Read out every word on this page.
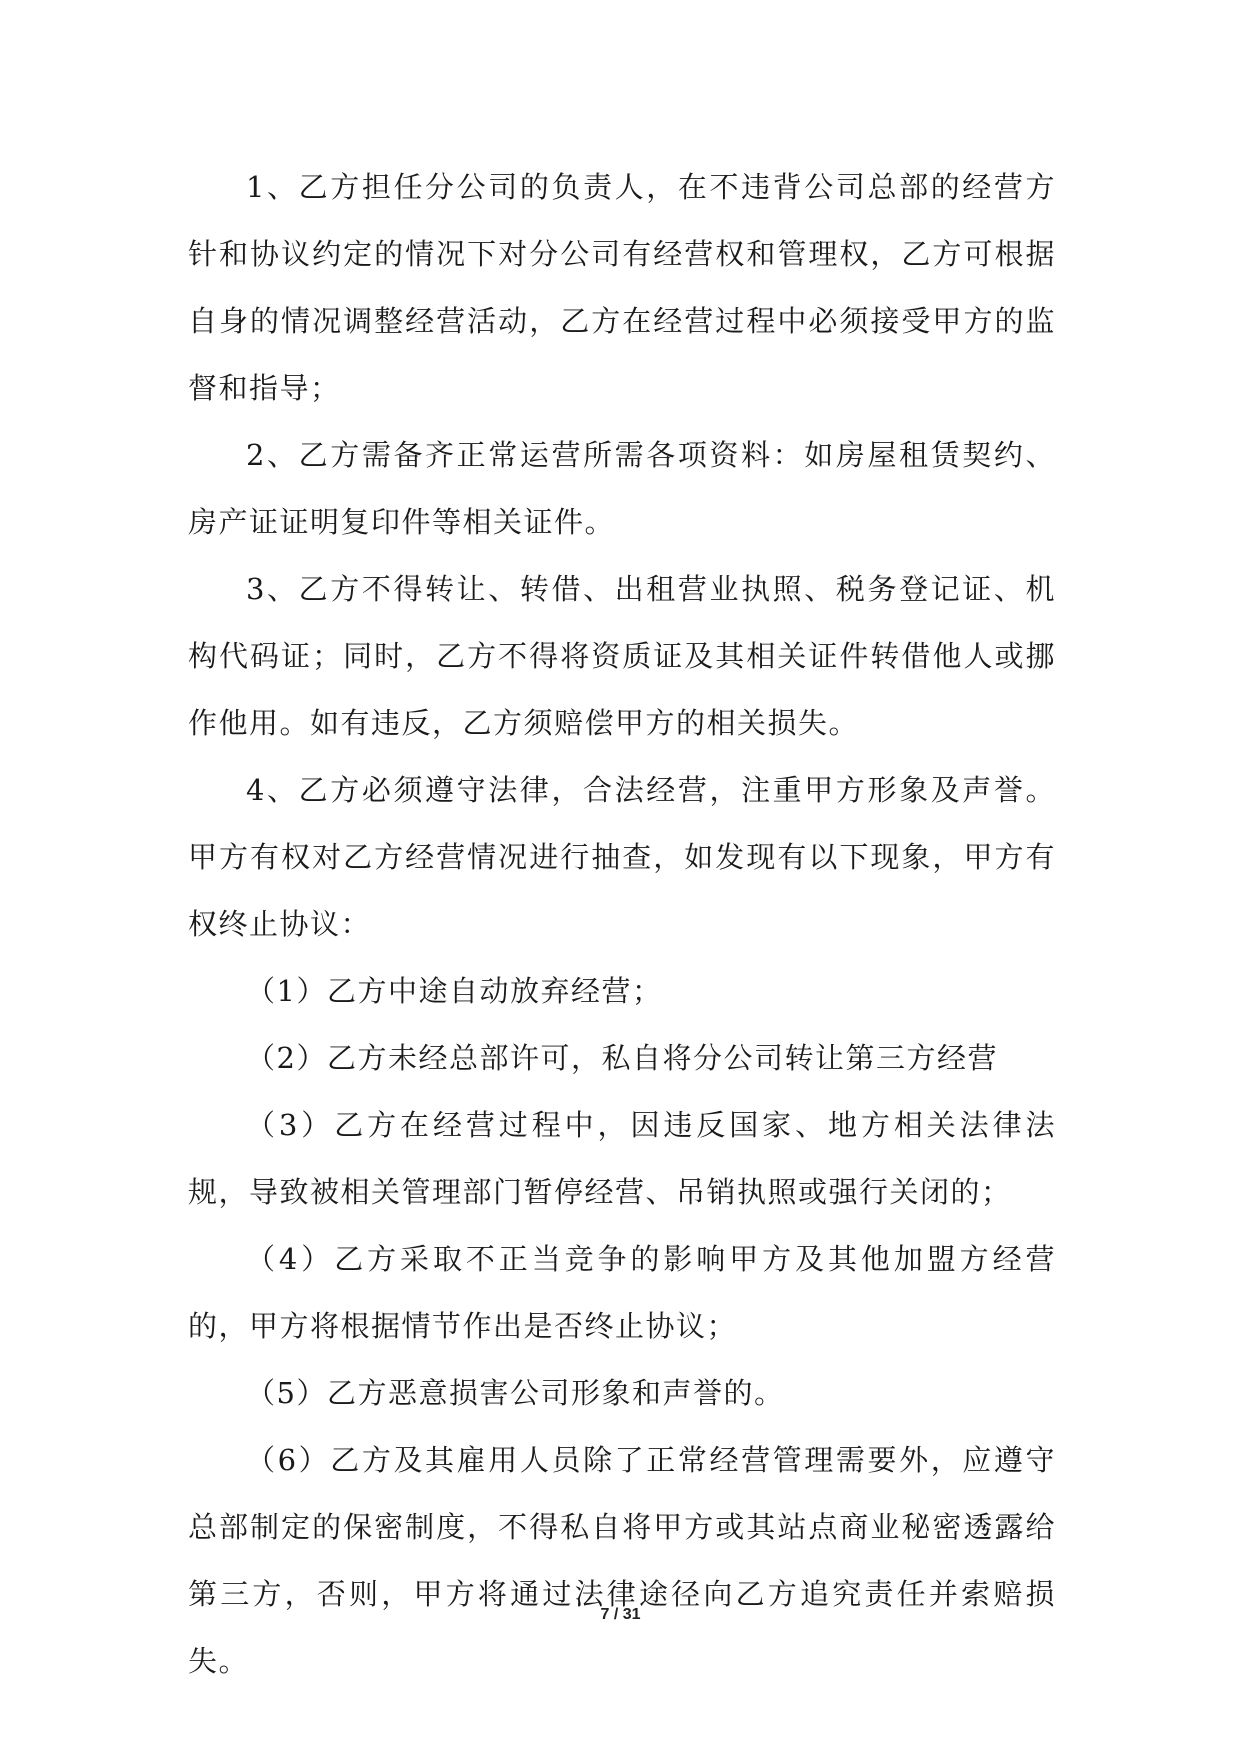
1、乙方担任分公司的负责人，在不违背公司总部的经营方针和协议约定的情况下对分公司有经营权和管理权，乙方可根据自身的情况调整经营活动，乙方在经营过程中必须接受甲方的监督和指导；

2、乙方需备齐正常运营所需各项资料：如房屋租赁契约、房产证证明复印件等相关证件。

3、乙方不得转让、转借、出租营业执照、税务登记证、机构代码证；同时，乙方不得将资质证及其相关证件转借他人或挪作他用。如有违反，乙方须赔偿甲方的相关损失。

4、乙方必须遵守法律，合法经营，注重甲方形象及声誉。甲方有权对乙方经营情况进行抽查，如发现有以下现象，甲方有权终止协议：

（1）乙方中途自动放弃经营；

（2）乙方未经总部许可，私自将分公司转让第三方经营

（3）乙方在经营过程中，因违反国家、地方相关法律法规，导致被相关管理部门暂停经营、吊销执照或强行关闭的；

（4）乙方采取不正当竞争的影响甲方及其他加盟方经营的，甲方将根据情节作出是否终止协议；

（5）乙方恶意损害公司形象和声誉的。

（6）乙方及其雇用人员除了正常经营管理需要外，应遵守总部制定的保密制度，不得私自将甲方或其站点商业秘密透露给第三方，否则，甲方将通过法律途径向乙方追究责任并索赔损失。

7 / 31
